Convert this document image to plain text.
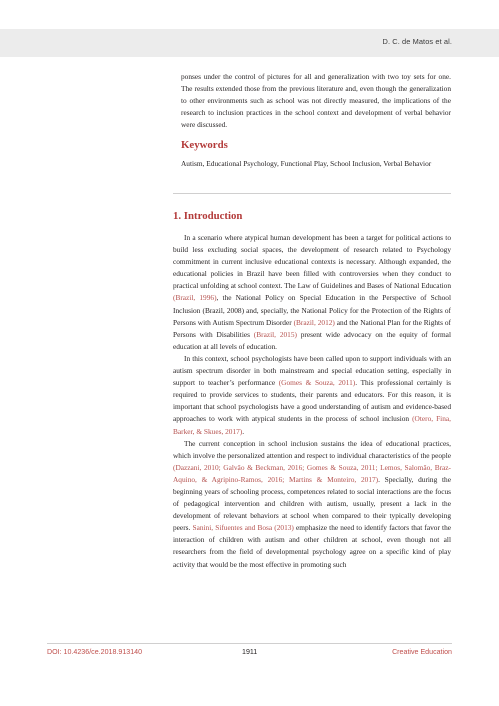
D. C. de Matos et al.
ponses under the control of pictures for all and generalization with two toy sets for one. The results extended those from the previous literature and, even though the generalization to other environments such as school was not directly measured, the implications of the research to inclusion practices in the school context and development of verbal behavior were discussed.
Keywords
Autism, Educational Psychology, Functional Play, School Inclusion, Verbal Behavior
1. Introduction

In a scenario where atypical human development has been a target for political actions to build less excluding social spaces, the development of research related to Psychology commitment in current inclusive educational contexts is necessary. Although expanded, the educational policies in Brazil have been filled with controversies when they conduct to practical unfolding at school context. The Law of Guidelines and Bases of National Education (Brazil, 1996), the National Policy on Special Education in the Perspective of School Inclusion (Brazil, 2008) and, specially, the National Policy for the Protection of the Rights of Persons with Autism Spectrum Disorder (Brazil, 2012) and the National Plan for the Rights of Persons with Disabilities (Brazil, 2015) present wide advocacy on the equity of formal education at all levels of education.

In this context, school psychologists have been called upon to support individuals with an autism spectrum disorder in both mainstream and special education setting, especially in support to teacher’s performance (Gomes & Souza, 2011). This professional certainly is required to provide services to students, their parents and educators. For this reason, it is important that school psychologists have a good understanding of autism and evidence-based approaches to work with atypical students in the process of school inclusion (Otero, Fina, Barker, & Skues, 2017).

The current conception in school inclusion sustains the idea of educational practices, which involve the personalized attention and respect to individual characteristics of the people (Dazzani, 2010; Galvão & Beckman, 2016; Gomes & Souza, 2011; Lemos, Salomão, Braz-Aquino, & Agripino-Ramos, 2016; Martins & Monteiro, 2017). Specially, during the beginning years of schooling process, competences related to social interactions are the focus of pedagogical intervention and children with autism, usually, present a lack in the development of relevant behaviors at school when compared to their typically developing peers. Sanini, Sifuentes and Bosa (2013) emphasize the need to identify factors that favor the interaction of children with autism and other children at school, even though not all researchers from the field of developmental psychology agree on a specific kind of play activity that would be the most effective in promoting such

DOI: 10.4236/ce.2018.913140	1911	Creative Education
